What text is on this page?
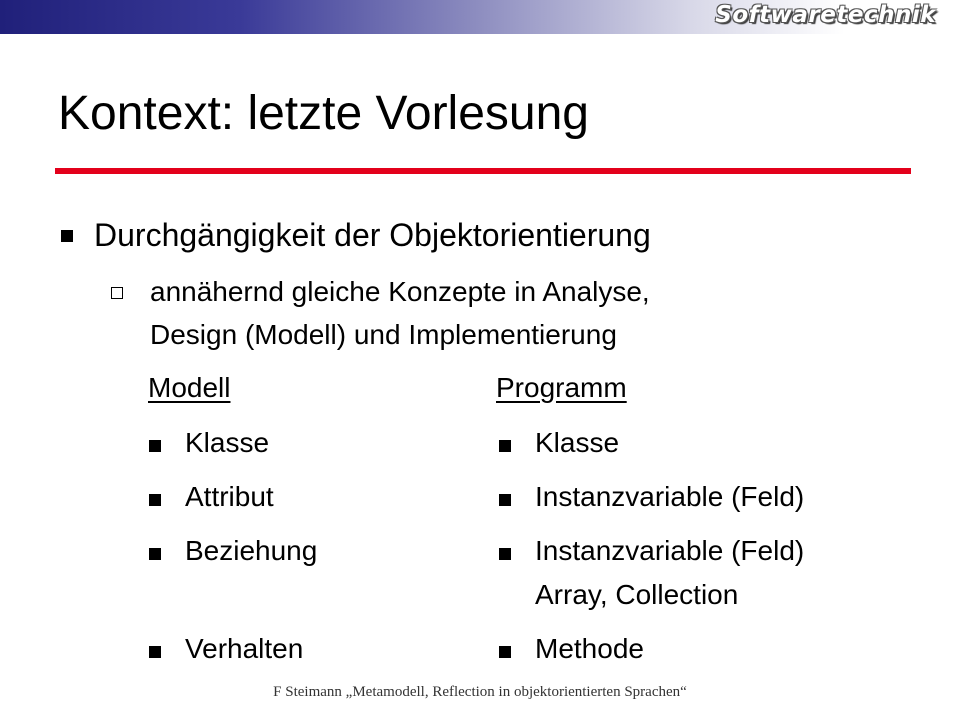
Softwaretechnik
Kontext: letzte Vorlesung
Durchgängigkeit der Objektorientierung
annähernd gleiche Konzepte in Analyse,
Design (Modell) und Implementierung
Modell	Programm
Klasse
Attribut
Beziehung
Verhalten
Klasse
Instanzvariable (Feld)
Instanzvariable (Feld)
Array, Collection
Methode
F Steimann „Metamodell, Reflection in objektorientierten Sprachen“
